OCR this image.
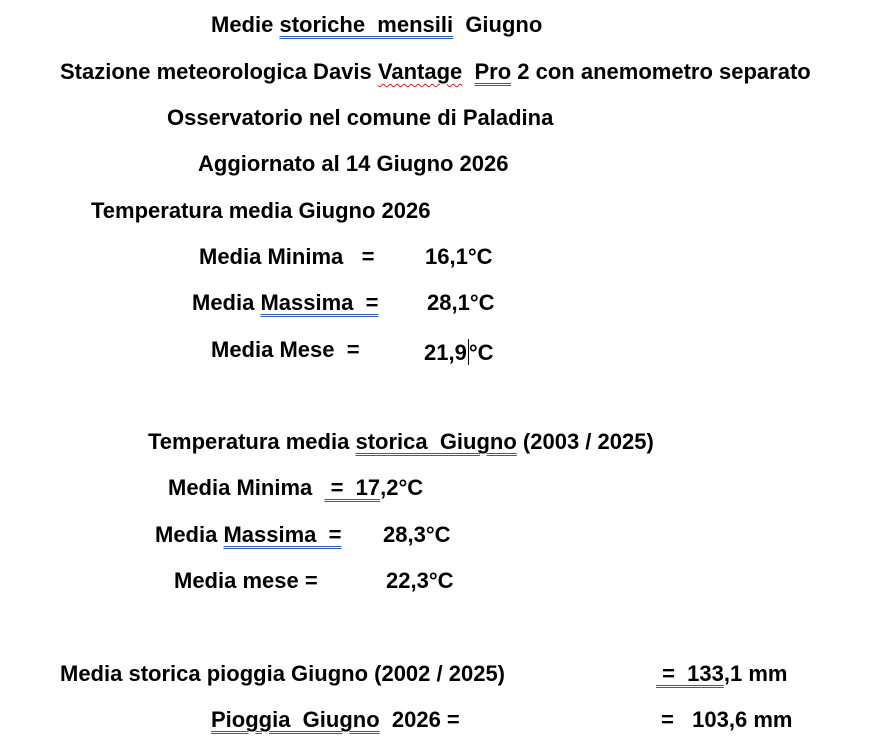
Medie storiche  mensili  Giugno
Stazione meteorologica Davis Vantage Pro 2 con anemometro separato
Osservatorio nel comune di Paladina
Aggiornato al 14 Giugno 2026
Temperatura media Giugno 2026
Media Minima   = 16,1°C
Media Massima  = 28,1°C
Media Mese  =	21,9°C
Temperatura media storica  Giugno (2003 / 2025)
Media Minima   =  17,2°C
Media Massima  = 28,3°C
Media mese =	22,3°C
Media storica pioggia Giugno (2002 / 2025)	=  133,1 mm
Pioggia  Giugno  2026 =	=   103,6 mm
